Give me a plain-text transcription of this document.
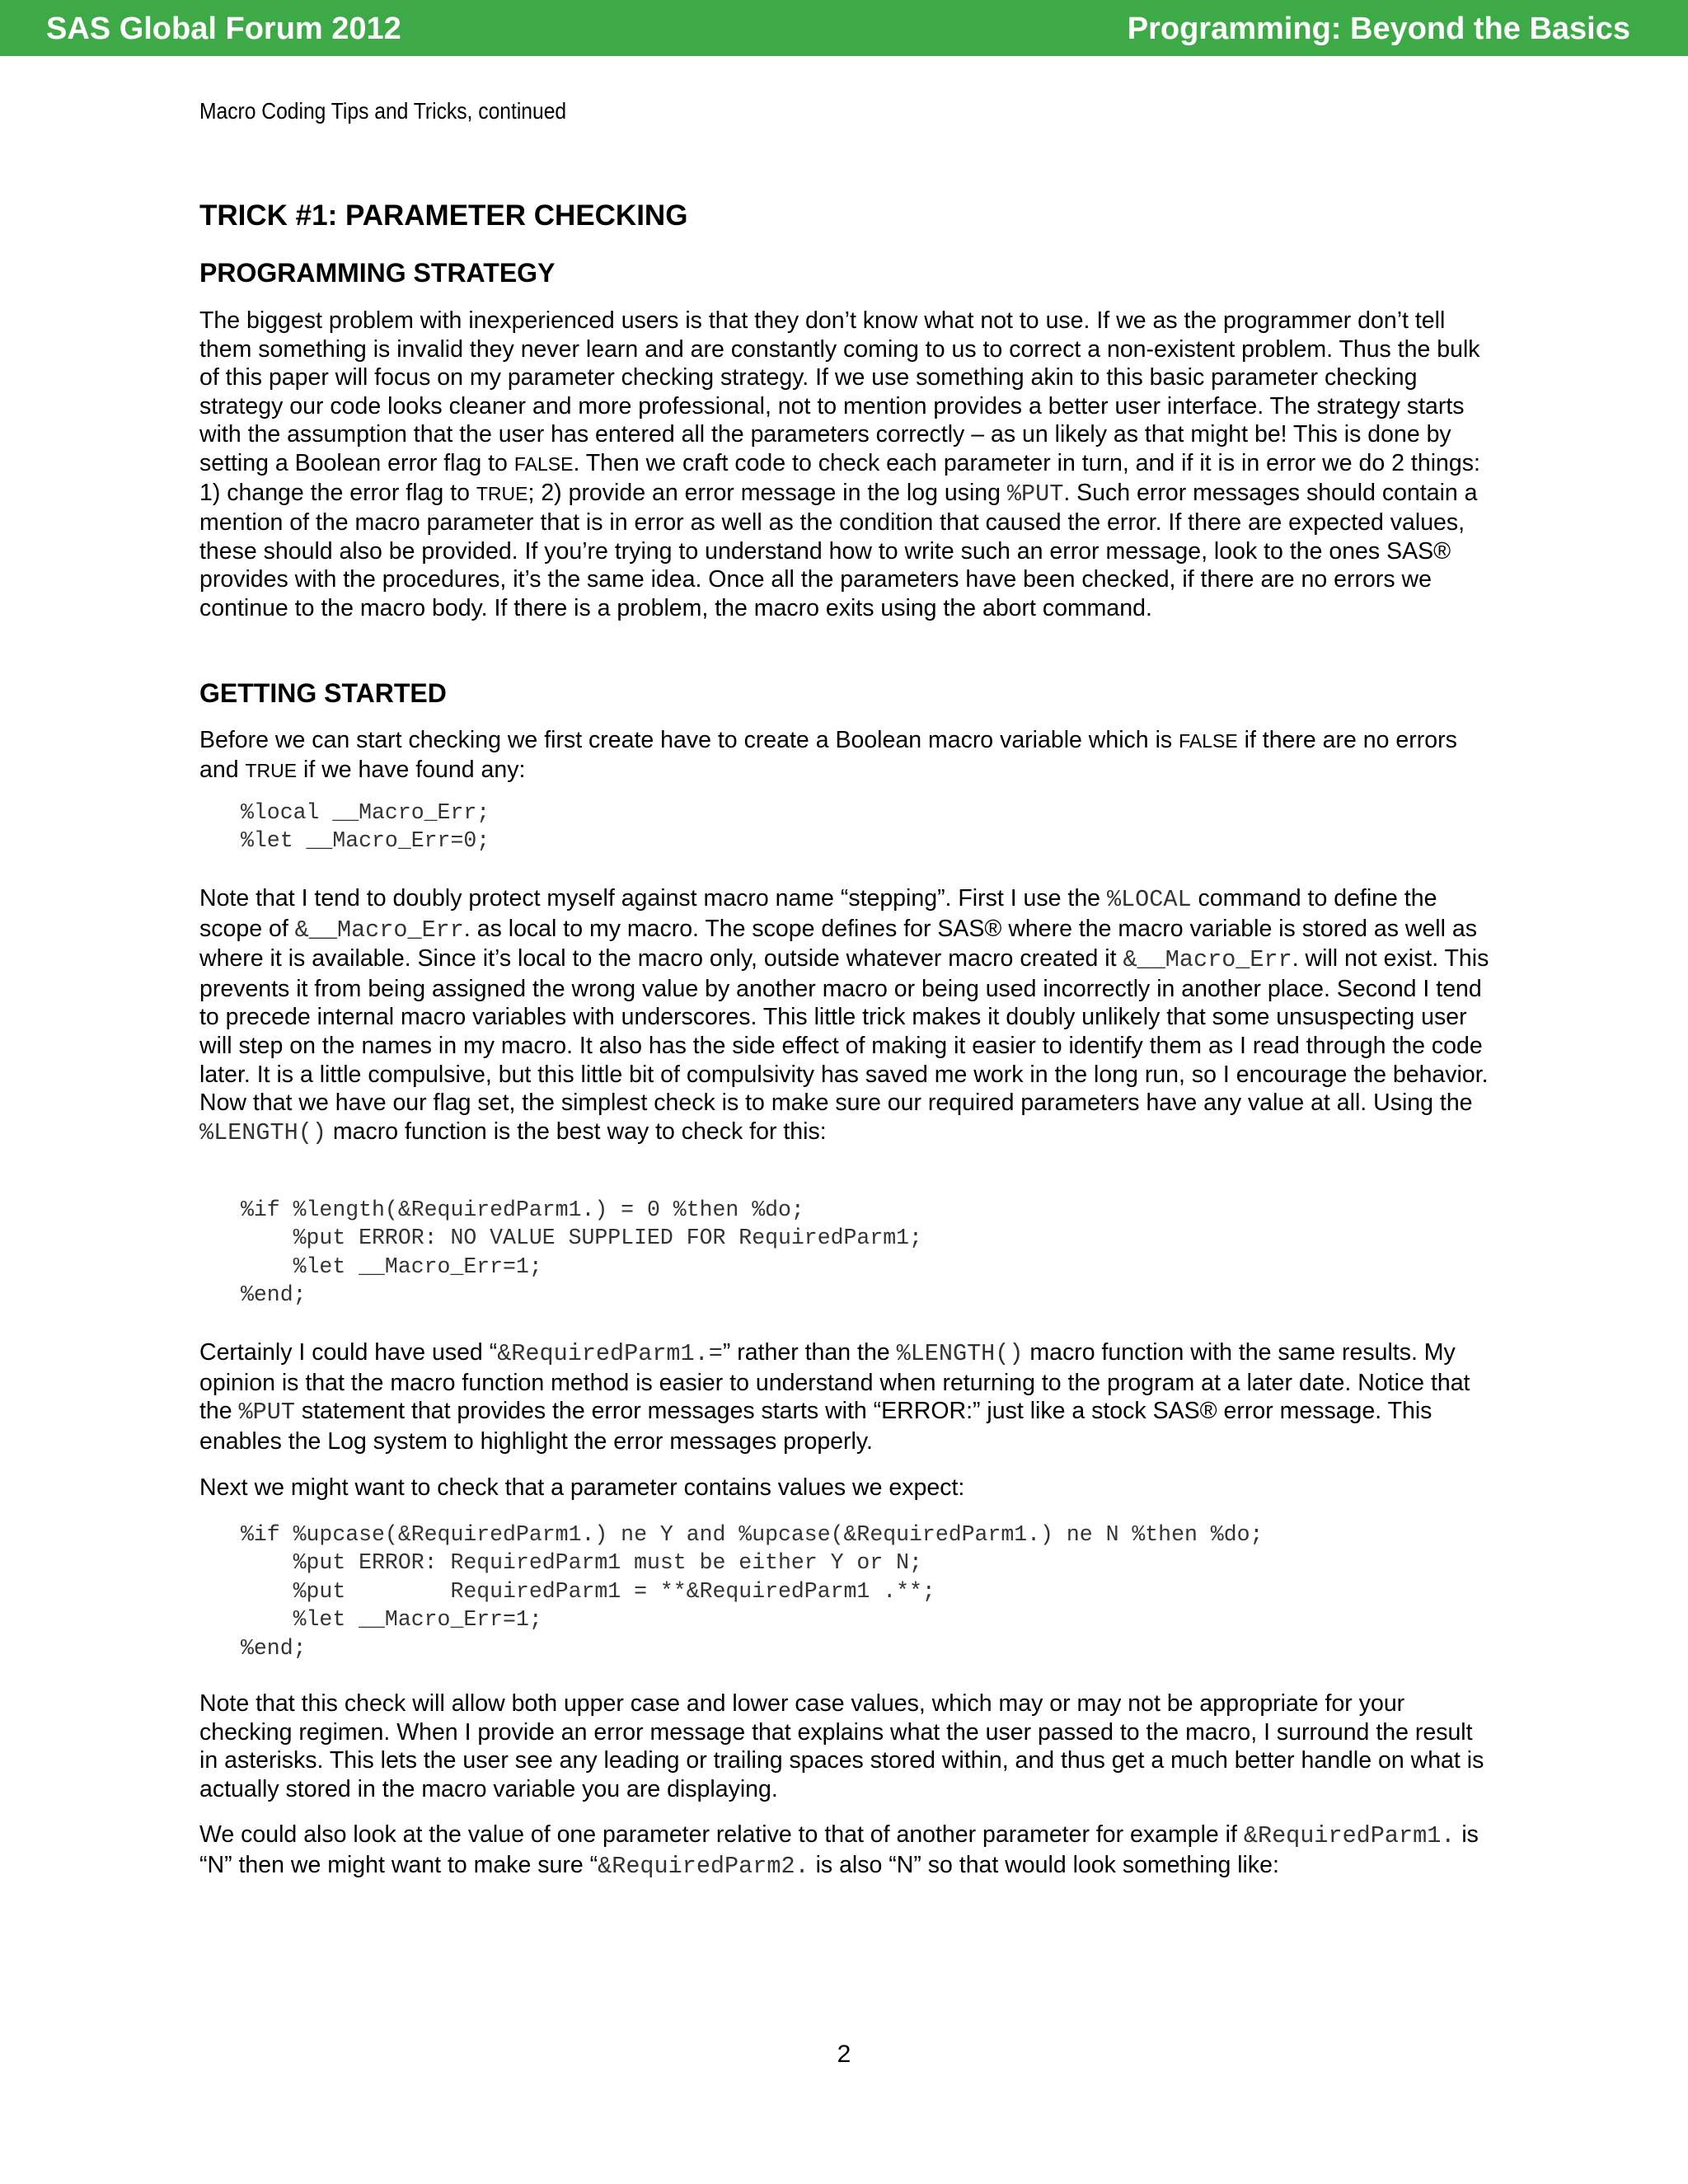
SAS Global Forum 2012	Programming: Beyond the Basics
Macro Coding Tips and Tricks, continued
TRICK #1: PARAMETER CHECKING
PROGRAMMING STRATEGY

The biggest problem with inexperienced users is that they don’t know what not to use. If we as the programmer don’t tell them something is invalid they never learn and are constantly coming to us to correct a non-existent problem. Thus the bulk of this paper will focus on my parameter checking strategy. If we use something akin to this basic parameter checking strategy our code looks cleaner and more professional, not to mention provides a better user interface. The strategy starts with the assumption that the user has entered all the parameters correctly – as un likely as that might be! This is done by setting a Boolean error flag to FALSE. Then we craft code to check each parameter in turn, and if it is in error we do 2 things: 1) change the error flag to TRUE; 2) provide an error message in the log using %PUT. Such error messages should contain a mention of the macro parameter that is in error as well as the condition that caused the error. If there are expected values, these should also be provided. If you’re trying to understand how to write such an error message, look to the ones SAS® provides with the procedures, it’s the same idea. Once all the parameters have been checked, if there are no errors we continue to the macro body. If there is a problem, the macro exits using the abort command.

GETTING STARTED

Before we can start checking we first create have to create a Boolean macro variable which is FALSE if there are no errors and TRUE if we have found any:

%local __Macro_Err;
%let __Macro_Err=0;

Note that I tend to doubly protect myself against macro name “stepping”. First I use the %LOCAL command to define the scope of &__Macro_Err. as local to my macro. The scope defines for SAS® where the macro variable is stored as well as where it is available. Since it’s local to the macro only, outside whatever macro created it &__Macro_Err. will not exist. This prevents it from being assigned the wrong value by another macro or being used incorrectly in another place. Second I tend to precede internal macro variables with underscores. This little trick makes it doubly unlikely that some unsuspecting user will step on the names in my macro. It also has the side effect of making it easier to identify them as I read through the code later. It is a little compulsive, but this little bit of compulsivity has saved me work in the long run, so I encourage the behavior. Now that we have our flag set, the simplest check is to make sure our required parameters have any value at all. Using the %LENGTH() macro function is the best way to check for this:

%if %length(&RequiredParm1.) = 0 %then %do;
%put ERROR: NO VALUE SUPPLIED FOR RequiredParm1;
%let __Macro_Err=1;
%end;

Certainly I could have used “&RequiredParm1.=” rather than the %LENGTH() macro function with the same results. My opinion is that the macro function method is easier to understand when returning to the program at a later date. Notice that the %PUT statement that provides the error messages starts with “ERROR:” just like a stock SAS® error message. This enables the Log system to highlight the error messages properly.

Next we might want to check that a parameter contains values we expect:

%if %upcase(&RequiredParm1.) ne Y and %upcase(&RequiredParm1.) ne N %then %do;
%put ERROR: RequiredParm1 must be either Y or N;
%put        RequiredParm1 = **&RequiredParm1 .**;
%let __Macro_Err=1;
%end;

Note that this check will allow both upper case and lower case values, which may or may not be appropriate for your checking regimen. When I provide an error message that explains what the user passed to the macro, I surround the result in asterisks. This lets the user see any leading or trailing spaces stored within, and thus get a much better handle on what is actually stored in the macro variable you are displaying.

We could also look at the value of one parameter relative to that of another parameter for example if &RequiredParm1. is “N” then we might want to make sure “&RequiredParm2. is also “N” so that would look something like:

2
